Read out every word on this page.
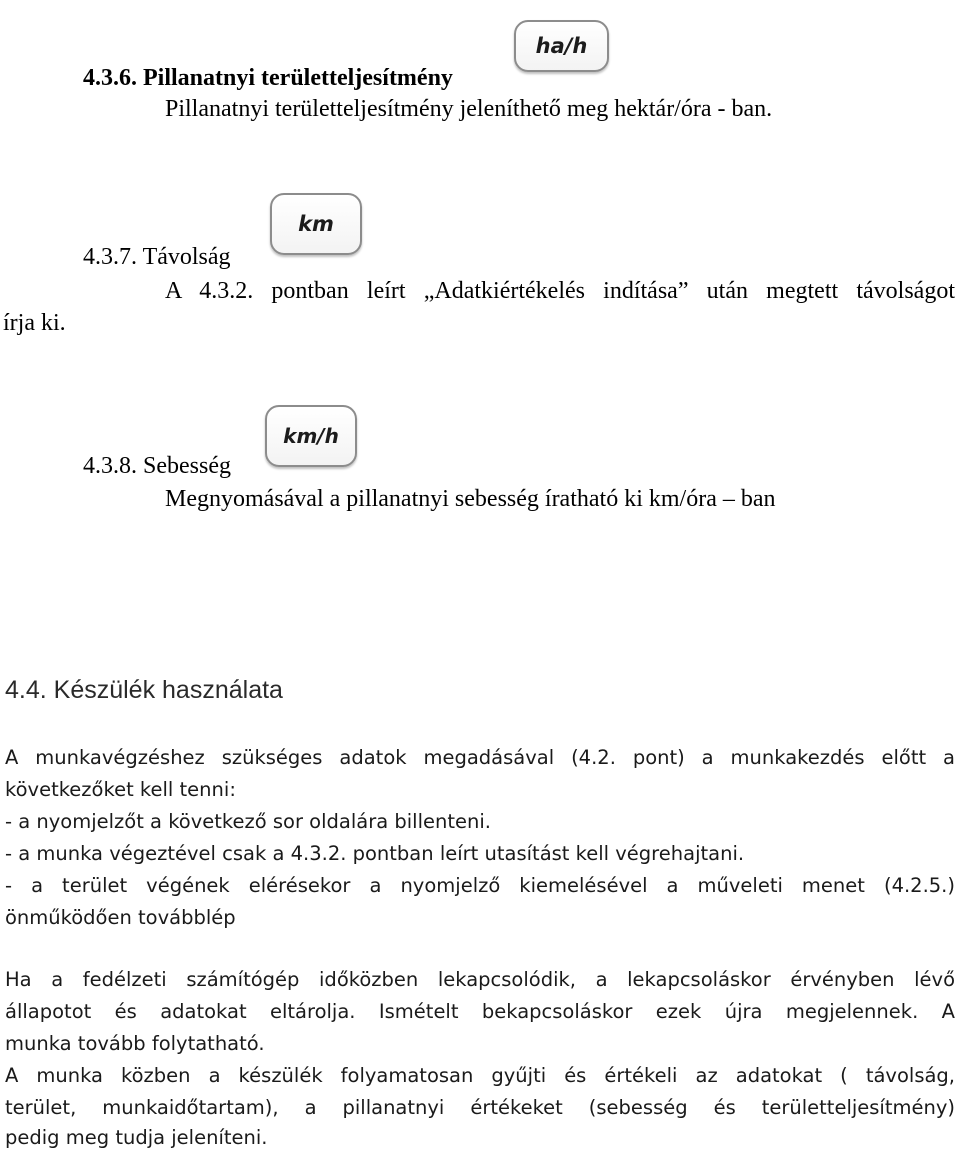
ha/h
4.3.6. Pillanatnyi területteljesítmény
Pillanatnyi területteljesítmény jeleníthető meg hektár/óra - ban.
km
4.3.7. Távolság
A 4.3.2. pontban leírt „Adatkiértékelés indítása” után megtett távolságot
írja ki.
km/h
4.3.8. Sebesség
Megnyomásával a pillanatnyi sebesség íratható ki km/óra – ban
4.4. Készülék használata
A munkavégzéshez szükséges adatok megadásával (4.2. pont) a munkakezdés előtt a
következőket kell tenni:
- a nyomjelzőt a következő sor oldalára billenteni.
- a munka végeztével csak a 4.3.2. pontban leírt utasítást kell végrehajtani.
- a terület végének elérésekor a nyomjelző kiemelésével a műveleti menet (4.2.5.)
önműködően továbblép
Ha a fedélzeti számítógép időközben lekapcsolódik, a lekapcsoláskor érvényben lévő
állapotot és adatokat eltárolja. Ismételt bekapcsoláskor ezek újra megjelennek. A
munka tovább folytatható.
A munka közben a készülék folyamatosan gyűjti és értékeli az adatokat ( távolság,
terület, munkaidőtartam), a pillanatnyi értékeket (sebesség és területteljesítmény)
pedig meg tudja jeleníteni.
